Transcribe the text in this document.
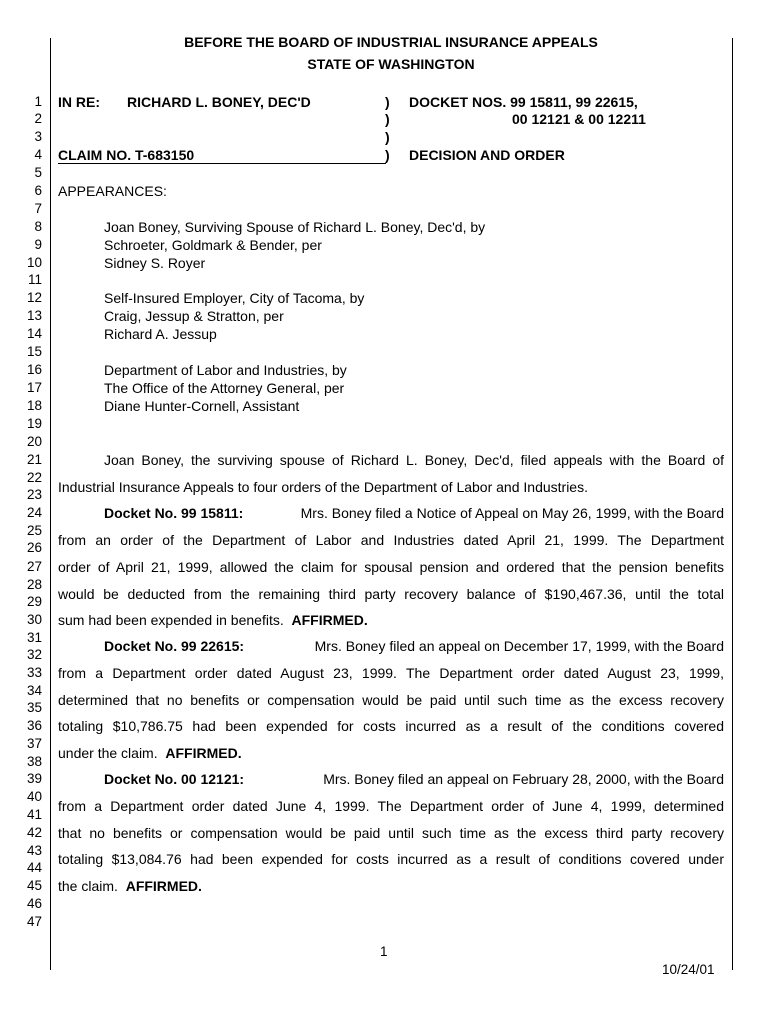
BEFORE THE BOARD OF INDUSTRIAL INSURANCE APPEALS
STATE OF WASHINGTON
1
2
3
4
5
6
7
8
9
10
11
12
13
14
15
16
17
18
19
20
21
22
23
24
25
26
27
28
29
30
31
32
33
34
35
36
37
38
39
40
41
42
43
44
45
46
47
IN RE: RICHARD L. BONEY, DEC'D	)
)
)
)
DOCKET NOS. 99 15811, 99 22615,
00 12121 & 00 12211
CLAIM NO. T-683150	DECISION AND ORDER
APPEARANCES:
Joan Boney, Surviving Spouse of Richard L. Boney, Dec'd, by
Schroeter, Goldmark & Bender, per
Sidney S. Royer
Self-Insured Employer, City of Tacoma, by
Craig, Jessup & Stratton, per
Richard A. Jessup
Department of Labor and Industries, by
The Office of the Attorney General, per
Diane Hunter-Cornell, Assistant
Joan Boney, the surviving spouse of Richard L. Boney, Dec'd, filed appeals with the Board of
Industrial Insurance Appeals to four orders of the Department of Labor and Industries.
Docket No. 99 15811:	Mrs. Boney filed a Notice of Appeal on May 26, 1999, with the Board
from an order of the Department of Labor and Industries dated April 21, 1999. The Department
order of April 21, 1999, allowed the claim for spousal pension and ordered that the pension benefits
would be deducted from the remaining third party recovery balance of $190,467.36, until the total
sum had been expended in benefits. AFFIRMED.
Docket No. 99 22615:	Mrs. Boney filed an appeal on December 17, 1999, with the Board
from a Department order dated August 23, 1999. The Department order dated August 23, 1999,
determined that no benefits or compensation would be paid until such time as the excess recovery
totaling $10,786.75 had been expended for costs incurred as a result of the conditions covered
under the claim. AFFIRMED.
Docket No. 00 12121:	Mrs. Boney filed an appeal on February 28, 2000, with the Board
from a Department order dated June 4, 1999. The Department order of June 4, 1999, determined
that no benefits or compensation would be paid until such time as the excess third party recovery
totaling $13,084.76 had been expended for costs incurred as a result of conditions covered under
the claim. AFFIRMED.
1
10/24/01
